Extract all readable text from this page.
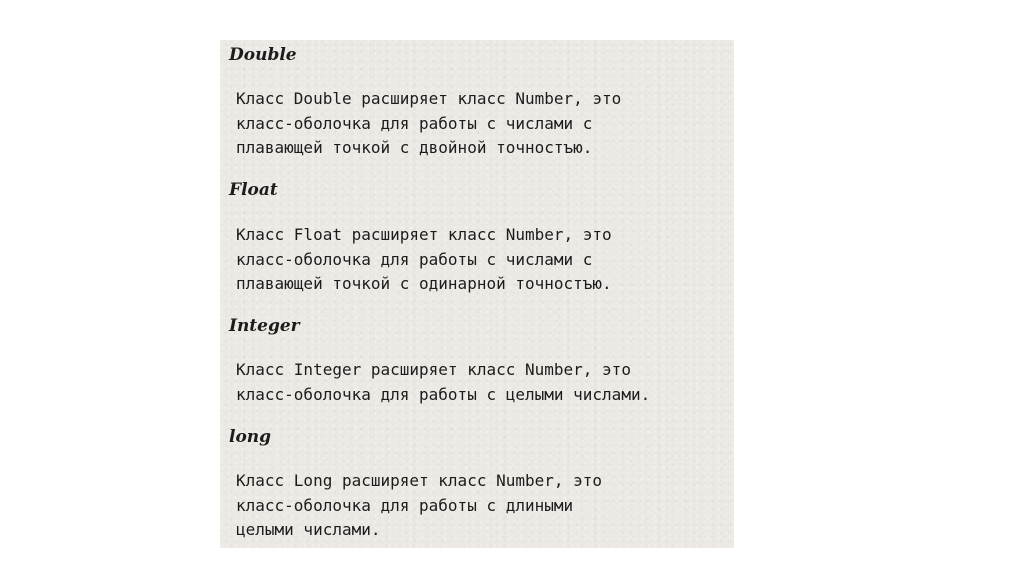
Double

Класс Double расширяет класс Number, это
класс-оболочка для работы с числами с
плавающей точкой с двойной точностъю.

Float

Класс Float расширяет класс Number, это
класс-оболочка для работы с числами с
плавающей точкой с одинарной точностъю.

Integer

Класс Integer расширяет класс Number, это
класс-оболочка для работы с целыми числами.

long

Класс Long расширяет класс Number, это
класс-оболочка для работы с длиными
целыми числами.
